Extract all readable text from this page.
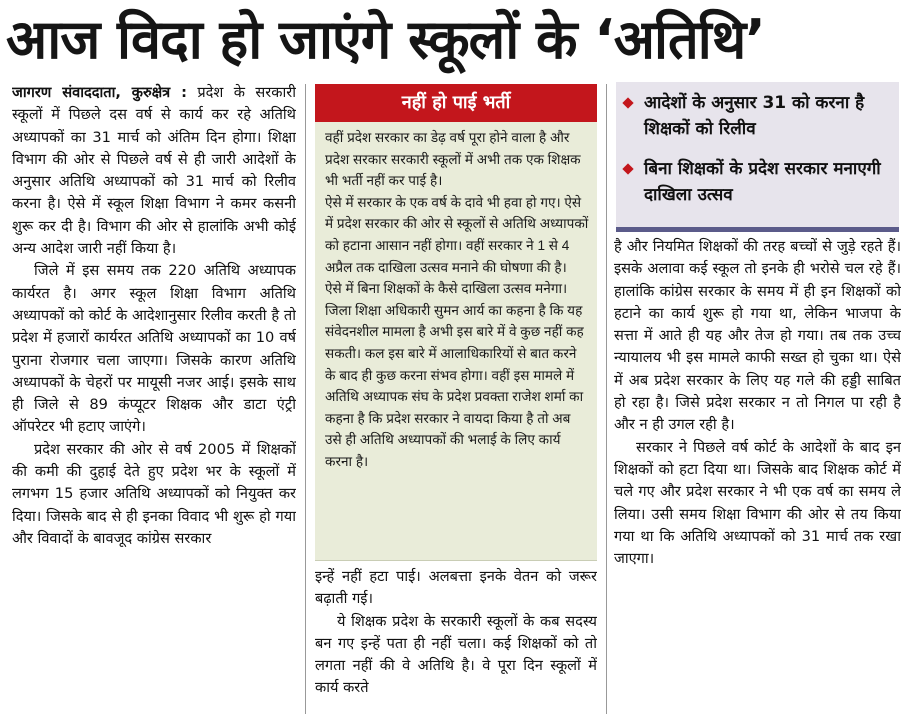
आज विदा हो जाएंगे स्कूलों के ‘अतिथि’

जागरण संवाददाता, कुरुक्षेत्र : प्रदेश के सरकारी स्कूलों में पिछले दस वर्ष से कार्य कर रहे अतिथि अध्यापकों का 31 मार्च को अंतिम दिन होगा। शिक्षा विभाग की ओर से पिछले वर्ष से ही जारी आदेशों के अनुसार अतिथि अध्यापकों को 31 मार्च को रिलीव करना है। ऐसे में स्कूल शिक्षा विभाग ने कमर कसनी शुरू कर दी है। विभाग की ओर से हालांकि अभी कोई अन्य आदेश जारी नहीं किया है।

जिले में इस समय तक 220 अतिथि अध्यापक कार्यरत है। अगर स्कूल शिक्षा विभाग अतिथि अध्यापकों को कोर्ट के आदेशानुसार रिलीव करती है तो प्रदेश में हजारों कार्यरत अतिथि अध्यापकों का 10 वर्ष पुराना रोजगार चला जाएगा। जिसके कारण अतिथि अध्यापकों के चेहरों पर मायूसी नजर आई। इसके साथ ही जिले से 89 कंप्यूटर शिक्षक और डाटा एंट्री ऑपरेटर भी हटाए जाएंगे।

प्रदेश सरकार की ओर से वर्ष 2005 में शिक्षकों की कमी की दुहाई देते हुए प्रदेश भर के स्कूलों में लगभग 15 हजार अतिथि अध्यापकों को नियुक्त कर दिया। जिसके बाद से ही इनका विवाद भी शुरू हो गया और विवादों के बावजूद कांग्रेस सरकार

नहीं हो पाई भर्ती

वहीं प्रदेश सरकार का डेढ़ वर्ष पूरा होने वाला है और प्रदेश सरकार सरकारी स्कूलों में अभी तक एक शिक्षक भी भर्ती नहीं कर पाई है।

ऐसे में सरकार के एक वर्ष के दावे भी हवा हो गए। ऐसे में प्रदेश सरकार की ओर से स्कूलों से अतिथि अध्यापकों को हटाना आसान नहीं होगा। वहीं सरकार ने 1 से 4 अप्रैल तक दाखिला उत्सव मनाने की घोषणा की है।

ऐसे में बिना शिक्षकों के कैसे दाखिला उत्सव मनेगा। जिला शिक्षा अधिकारी सुमन आर्य का कहना है कि यह संवेदनशील मामला है अभी इस बारे में वे कुछ नहीं कह सकती। कल इस बारे में आलाधिकारियों से बात करने के बाद ही कुछ करना संभव होगा। वहीं इस मामले में अतिथि अध्यापक संघ के प्रदेश प्रवक्ता राजेश शर्मा का कहना है कि प्रदेश सरकार ने वायदा किया है तो अब उसे ही अतिथि अध्यापकों की भलाई के लिए कार्य करना है।

इन्हें नहीं हटा पाई। अलबत्ता इनके वेतन को जरूर बढ़ाती गई।

ये शिक्षक प्रदेश के सरकारी स्कूलों के कब सदस्य बन गए इन्हें पता ही नहीं चला। कई शिक्षकों को तो लगता नहीं की वे अतिथि है। वे पूरा दिन स्कूलों में कार्य करते

आदेशों के अनुसार 31 को करना है शिक्षकों को रिलीव
बिना शिक्षकों के प्रदेश सरकार मनाएगी दाखिला उत्सव

है और नियमित शिक्षकों की तरह बच्चों से जुड़े रहते हैं। इसके अलावा कई स्कूल तो इनके ही भरोसे चल रहे हैं। हालांकि कांग्रेस सरकार के समय में ही इन शिक्षकों को हटाने का कार्य शुरू हो गया था, लेकिन भाजपा के सत्ता में आते ही यह और तेज हो गया। तब तक उच्च न्यायालय भी इस मामले काफी सख्त हो चुका था। ऐसे में अब प्रदेश सरकार के लिए यह गले की हड्डी साबित हो रहा है। जिसे प्रदेश सरकार न तो निगल पा रही है और न ही उगल रही है।

सरकार ने पिछले वर्ष कोर्ट के आदेशों के बाद इन शिक्षकों को हटा दिया था। जिसके बाद शिक्षक कोर्ट में चले गए और प्रदेश सरकार ने भी एक वर्ष का समय ले लिया। उसी समय शिक्षा विभाग की ओर से तय किया गया था कि अतिथि अध्यापकों को 31 मार्च तक रखा जाएगा।
